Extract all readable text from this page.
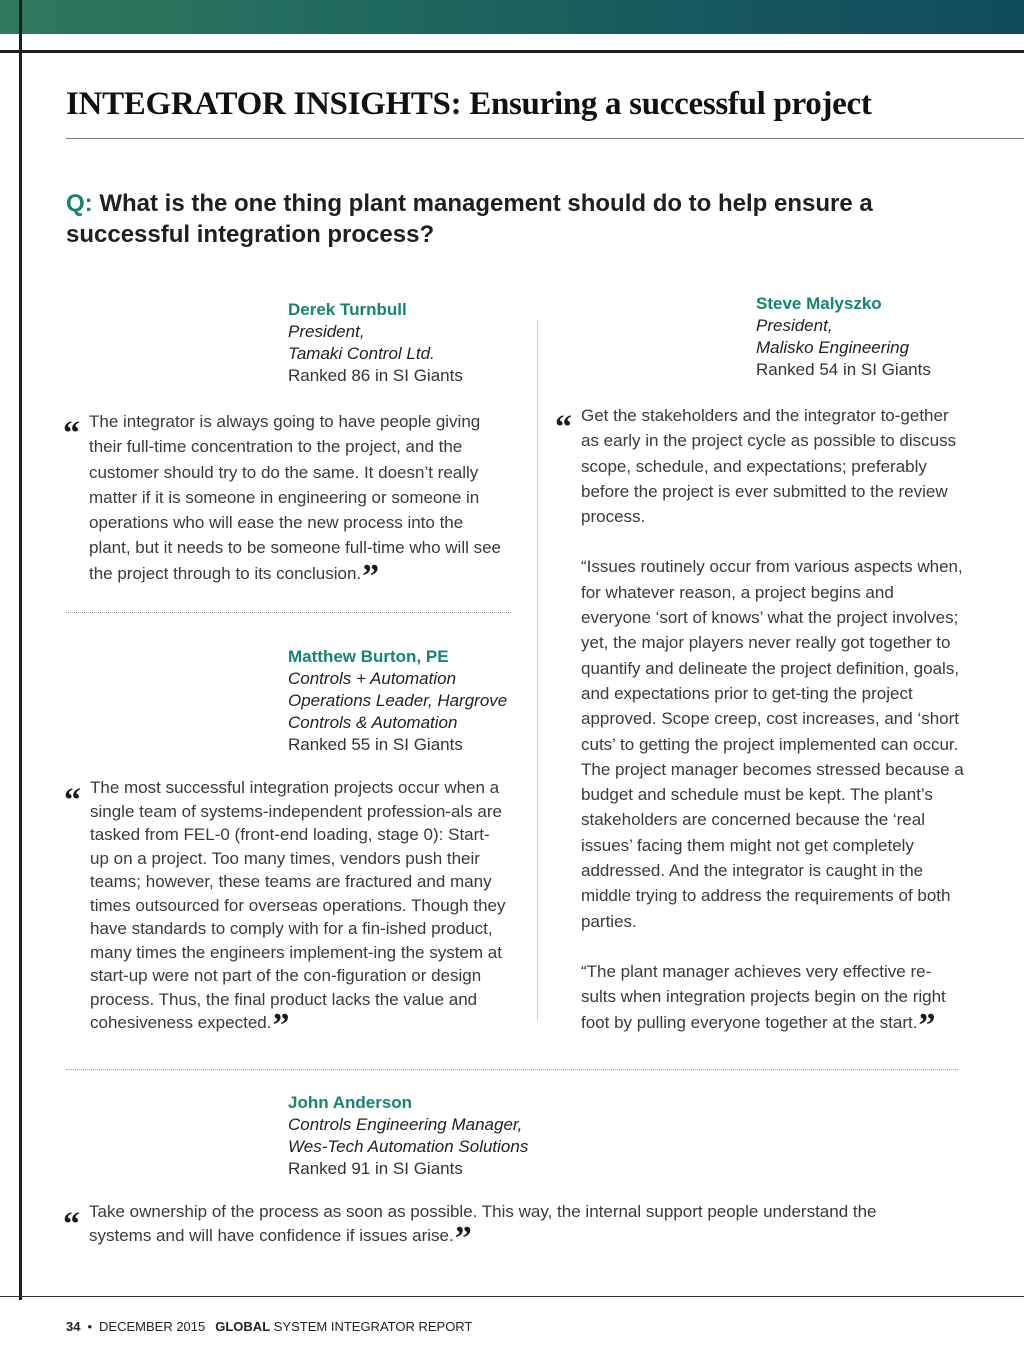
INTEGRATOR INSIGHTS: Ensuring a successful project
Q: What is the one thing plant management should do to help ensure a successful integration process?
Derek Turnbull
President,
Tamaki Control Ltd.
Ranked 86 in SI Giants

“ The integrator is always going to have people giving their full-time concentration to the project, and the customer should try to do the same. It doesn’t really matter if it is someone in engineering or someone in operations who will ease the new process into the plant, but it needs to be someone full-time who will see the project through to its conclusion.”

Matthew Burton, PE
Controls + Automation
Operations Leader, Hargrove
Controls & Automation
Ranked 55 in SI Giants

“ The most successful integration projects occur when a single team of systems-independent profession-als are tasked from FEL-0 (front-end loading, stage 0): Start-up on a project. Too many times, vendors push their teams; however, these teams are fractured and many times outsourced for overseas operations. Though they have standards to comply with for a fin-ished product, many times the engineers implement-ing the system at start-up were not part of the con-figuration or design process. Thus, the final product lacks the value and cohesiveness expected.”

Steve Malyszko
President,
Malisko Engineering
Ranked 54 in SI Giants
“ Get the stakeholders and the integrator to-gether as early in the project cycle as possible to discuss scope, schedule, and expectations; preferably before the project is ever submitted to the review process.

“Issues routinely occur from various aspects when, for whatever reason, a project begins and everyone ‘sort of knows’ what the project involves; yet, the major players never really got together to quantify and delineate the project definition, goals, and expectations prior to get-ting the project approved. Scope creep, cost increases, and ‘short cuts’ to getting the project implemented can occur. The project manager becomes stressed because a budget and schedule must be kept. The plant’s stakeholders are concerned because the ‘real issues’ facing them might not get completely addressed. And the integrator is caught in the middle trying to address the requirements of both parties.

“The plant manager achieves very effective re-sults when integration projects begin on the right foot by pulling everyone together at the start.”

John Anderson
Controls Engineering Manager,
Wes-Tech Automation Solutions
Ranked 91 in SI Giants

“ Take ownership of the process as soon as possible. This way, the internal support people understand the systems and will have confidence if issues arise.”

34 • DECEMBER 2015 GLOBAL SYSTEM INTEGRATOR REPORT
